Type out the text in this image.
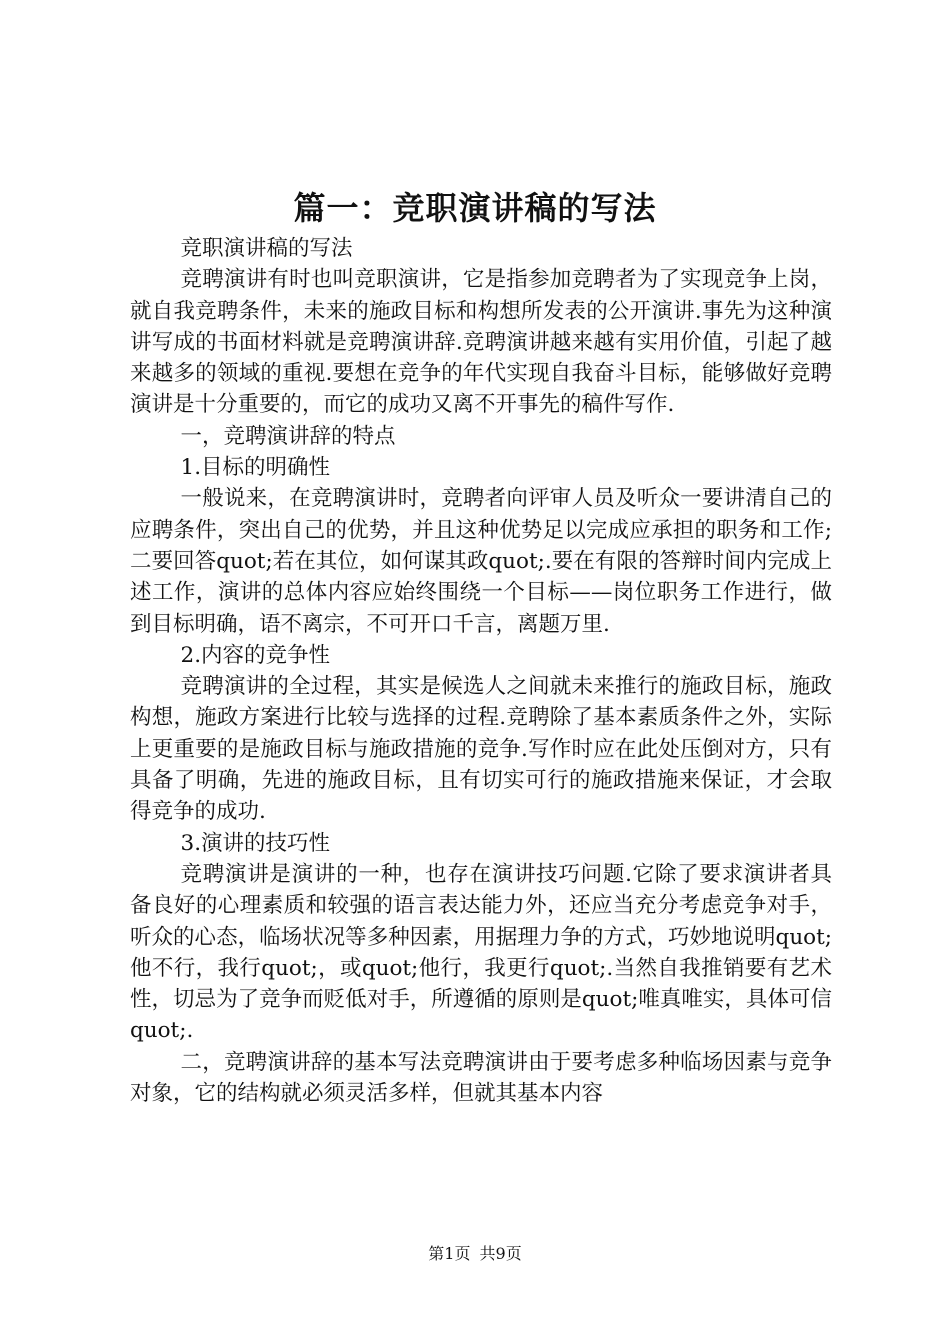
篇一：竞职演讲稿的写法

竞职演讲稿的写法

竞聘演讲有时也叫竞职演讲，它是指参加竞聘者为了实现竞争上岗，就自我竞聘条件，未来的施政目标和构想所发表的公开演讲.事先为这种演讲写成的书面材料就是竞聘演讲辞.竞聘演讲越来越有实用价值，引起了越来越多的领域的重视.要想在竞争的年代实现自我奋斗目标，能够做好竞聘演讲是十分重要的，而它的成功又离不开事先的稿件写作.

一，竞聘演讲辞的特点

1.目标的明确性

一般说来，在竞聘演讲时，竞聘者向评审人员及听众一要讲清自己的应聘条件，突出自己的优势，并且这种优势足以完成应承担的职务和工作;二要回答quot;若在其位，如何谋其政quot;.要在有限的答辩时间内完成上述工作，演讲的总体内容应始终围绕一个目标——岗位职务工作进行，做到目标明确，语不离宗，不可开口千言，离题万里.

2.内容的竞争性

竞聘演讲的全过程，其实是候选人之间就未来推行的施政目标，施政构想，施政方案进行比较与选择的过程.竞聘除了基本素质条件之外，实际上更重要的是施政目标与施政措施的竞争.写作时应在此处压倒对方，只有具备了明确，先进的施政目标，且有切实可行的施政措施来保证，才会取得竞争的成功.

3.演讲的技巧性

竞聘演讲是演讲的一种，也存在演讲技巧问题.它除了要求演讲者具备良好的心理素质和较强的语言表达能力外，还应当充分考虑竞争对手，听众的心态，临场状况等多种因素，用据理力争的方式，巧妙地说明quot;他不行，我行quot;，或quot;他行，我更行quot;.当然自我推销要有艺术性，切忌为了竞争而贬低对手，所遵循的原则是quot;唯真唯实，具体可信quot;.

二，竞聘演讲辞的基本写法竞聘演讲由于要考虑多种临场因素与竞争对象，它的结构就必须灵活多样，但就其基本内容

第1页 共9页
